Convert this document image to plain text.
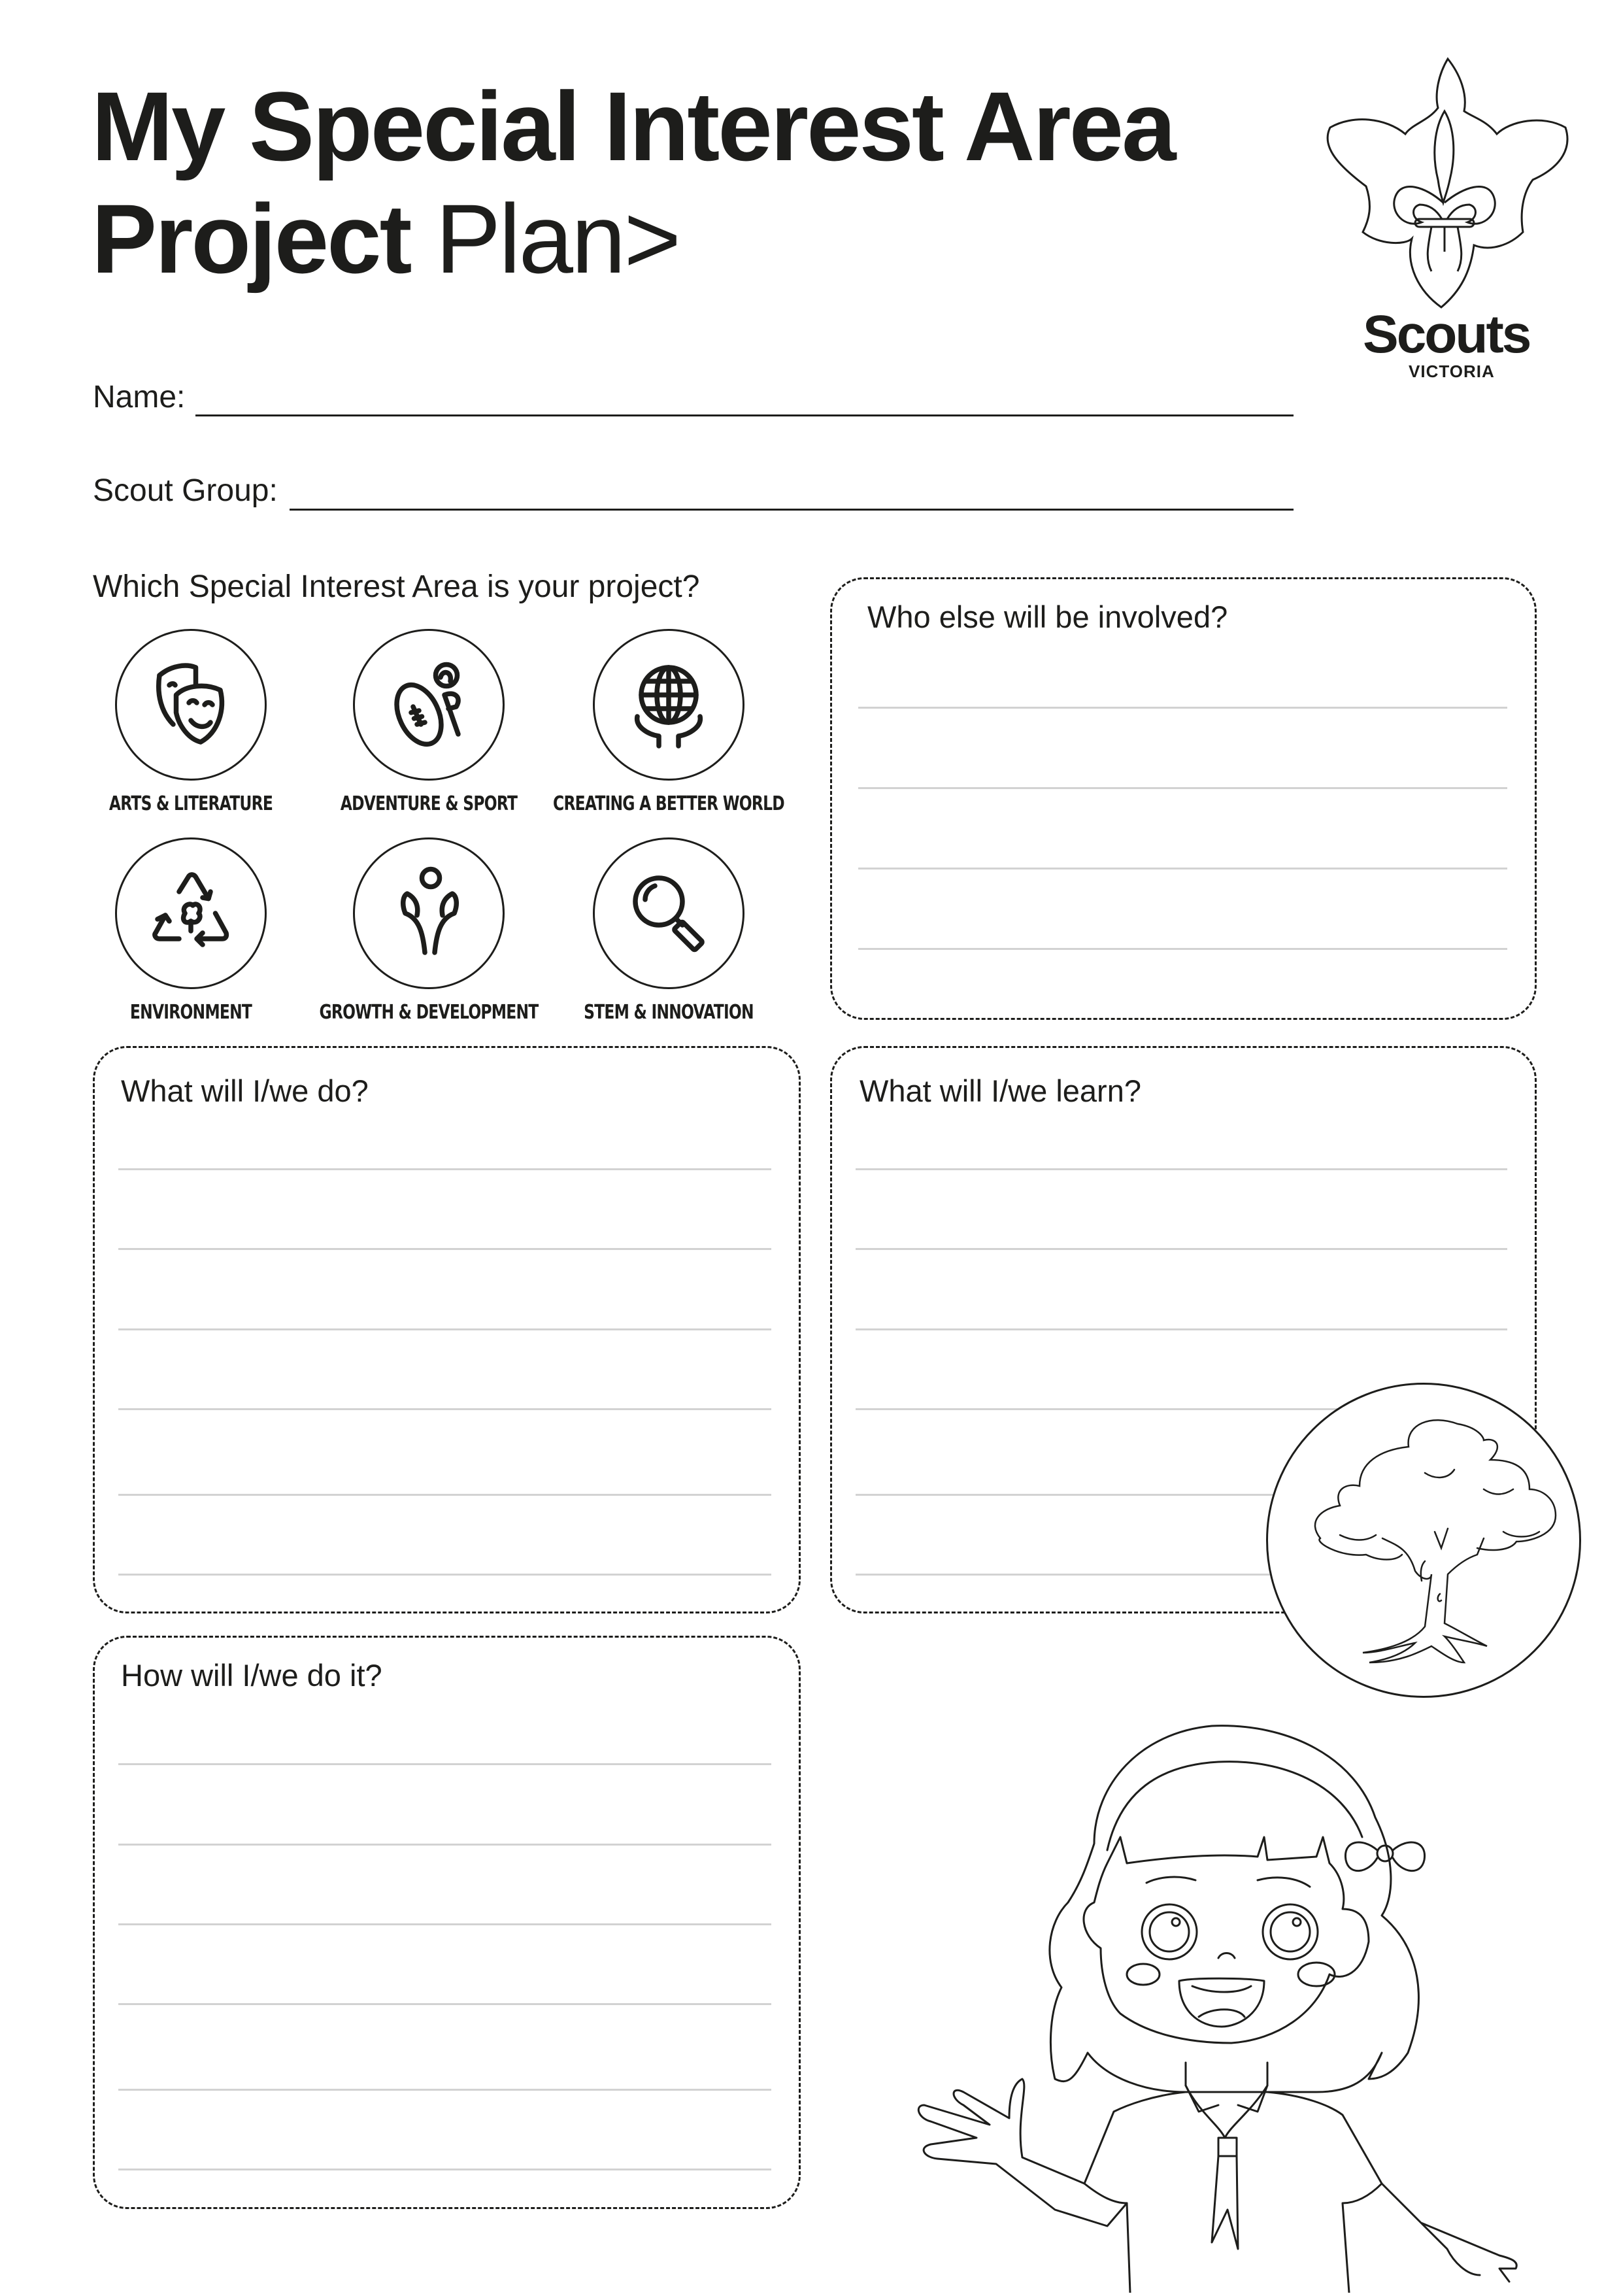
My Special Interest Area
Project Plan>
Scouts
VICTORIA
Name:
Scout Group:
Which Special Interest Area is your project?
ARTS & LITERATURE	ADVENTURE & SPORT	CREATING A BETTER WORLD
ENVIRONMENT	GROWTH & DEVELOPMENT	STEM & INNOVATION
Who else will be involved?
What will I/we do?	What will I/we learn?
How will I/we do it?
